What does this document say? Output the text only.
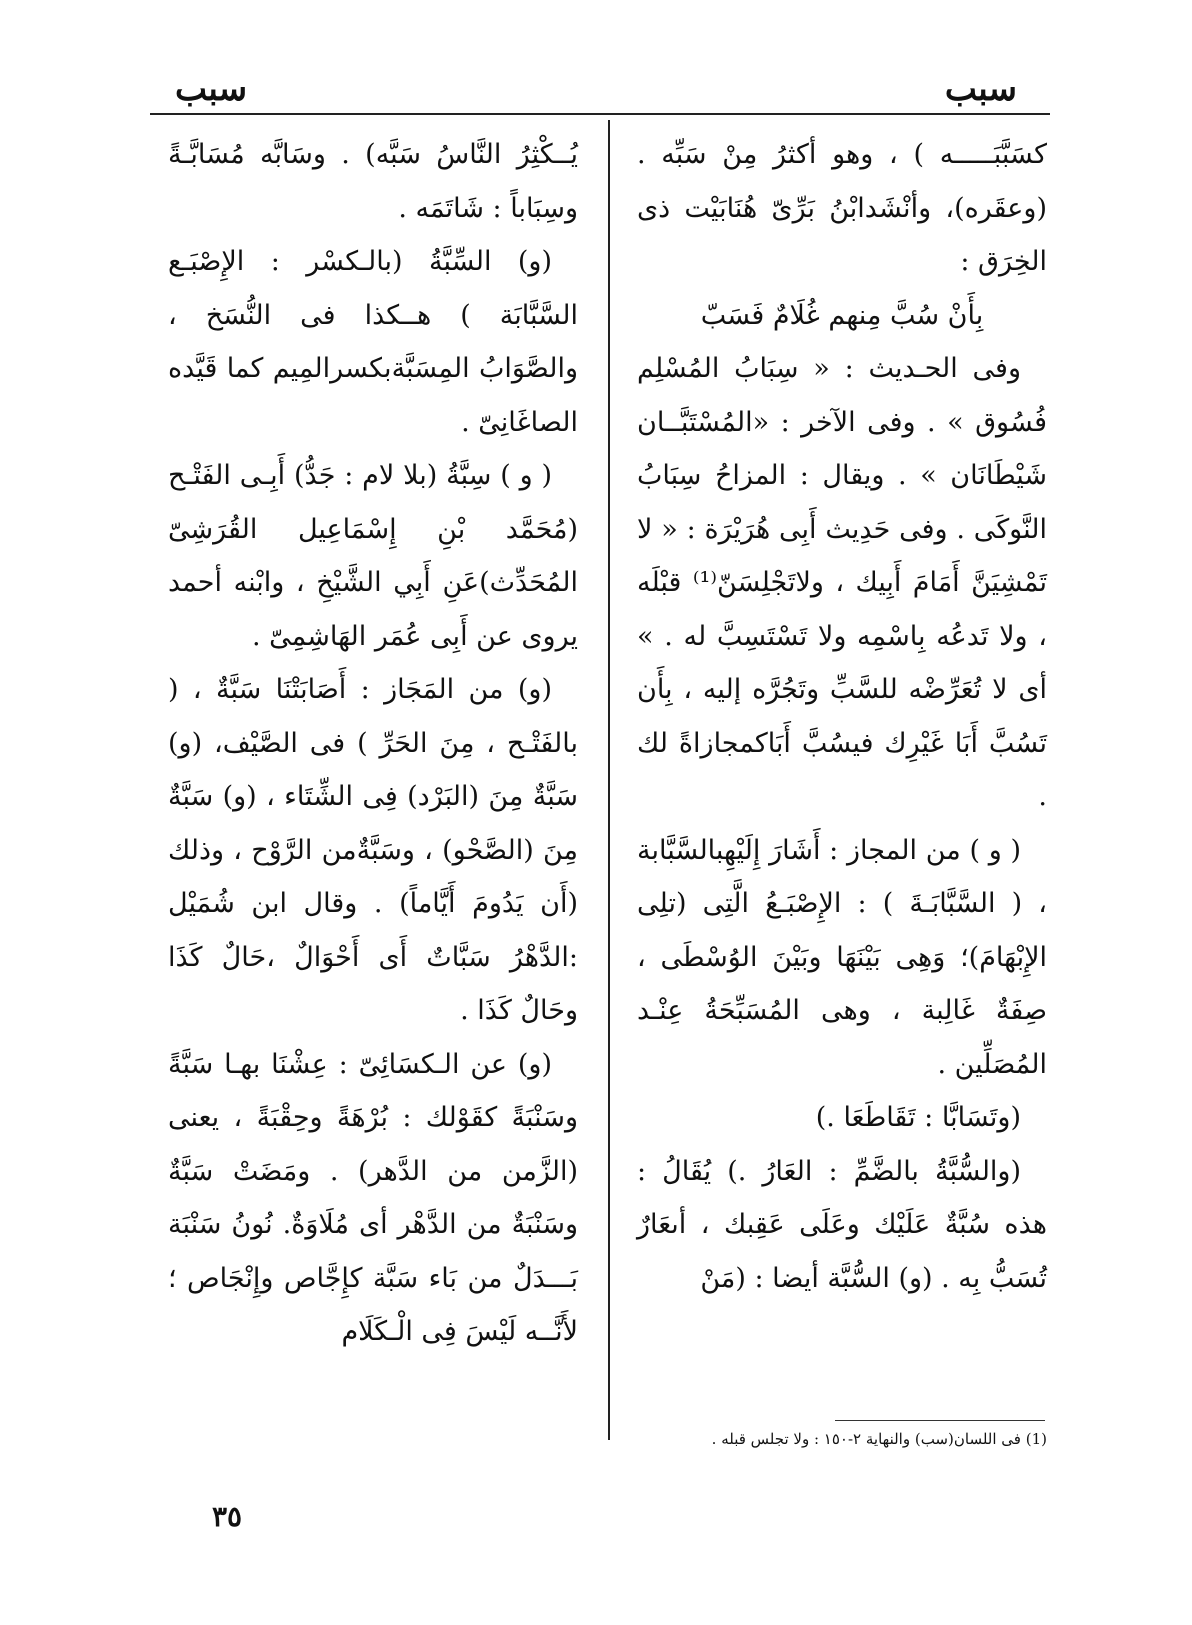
سبب
سبب

كسَبَّبَـــــه ) ، وهو أكثرُ مِنْ سَبِّه . (وعقَره)، وأنْشَدابْنُ بَرِّىّ هُنَابَيْت ذى الخِرَق :

بِأَنْ سُبَّ مِنهم غُلَامٌ فَسَبّ

وفى الحـديث : « سِبَابُ المُسْلِم فُسُوق » . وفى الآخر : «المُسْتَبَّــان شَيْطَانَان » . ويقال : المزاحُ سِبَابُ النَّوكَى . وفى حَدِيث أَبِى هُرَيْرَة : « لا تَمْشِيَنَّ أَمَامَ أَبِيك ، ولاتَجْلِسَنّ⁽¹⁾ قبْلَه ، ولا تَدعُه بِاسْمِه ولا تَسْتَسِبَّ له . » أى لا تُعَرِّضْه للسَّبِّ وتَجُرَّه إليه ، بِأَن تَسُبَّ أَبَا غَيْرِك فيسُبَّ أَبَاكمجازاةً لك .

( و ) من المجاز : أَشَارَ إِلَيْهِبالسَّبَّابة ، ( السَّبَّابَـةَ ) : الإِصْبَـعُ الَّتِى (تلِى الإِبْهَامَ)؛ وَهِى بَيْنَهَا وبَيْنَ الوُسْطَى ، صِفَةٌ غَالِبة ، وهى المُسَبِّحَةُ عِنْـد المُصَلِّين .

(وتَسَابَّا : تَقَاطَعَا .)

(والسُّبَّةُ بالضَّمِّ : العَارُ .) يُقَالُ : هذه سُبَّةٌ عَلَيْك وعَلَى عَقِبك ، أىعَارٌ تُسَبُّ بِه . (و) السُّبَّة أيضا : (مَنْ

يُــكْثِرُ النَّاسُ سَبَّه) . وسَابَّه مُسَابَّـةً وسِبَاباً : شَاتَمَه .

(و) السِّبَّةُ (بالـكسْر : الإِصْبَـع السَّبَّابَة ) هــكذا فى النُّسَخ ، والصَّوَابُ المِسَبَّةبكسرالمِيم كما قَيَّده الصاغَانِىّ .

( و ) سِبَّةُ (بلا لام : جَدُّ) أَبِـى الفَتْـح (مُحَمَّد بْنِ إِسْمَاعِيل القُرَشِىّ المُحَدِّث)عَنِ أَبِي الشَّيْخِ ، وابْنه أحمد يروى عن أَبِى عُمَر الهَاشِمِىّ .

(و) من المَجَاز : أَصَابَتْنَا سَبَّةٌ ، ( بالفَتْـح ، مِنَ الحَرِّ ) فى الصَّيْف، (و) سَبَّةٌ مِنَ (البَرْد) فِى الشِّتَاء ، (و) سَبَّةٌ مِنَ (الصَّحْو) ، وسَبَّةٌمن الرَّوْح ، وذلك (أَن يَدُومَ أَيَّاماً) . وقال ابن شُمَيْل :الدَّهْرُ سَبَّاتٌ أَى أَحْوَالٌ ،حَالٌ كَذَا وحَالٌ كَذَا .

(و) عن الـكسَائِىّ : عِشْنَا بهـا سَبَّةً وسَنْبَةً كقَوْلك : بُرْهَةً وحِقْبَةً ، يعنى (الزَّمن من الدَّهر) . ومَضَتْ سَبَّةٌ وسَنْبَةٌ من الدَّهْر أى مُلَاوَةٌ. نُونُ سَنْبَة بَـــدَلٌ من بَاء سَبَّة كإِجَّاص وإِنْجَاص ؛ لأَنَّــه لَيْسَ فِى الْـكَلَام

(1) فى اللسان(سب) والنهاية ٢-١٥٠ : ولا تجلس قبله .
٣٥
